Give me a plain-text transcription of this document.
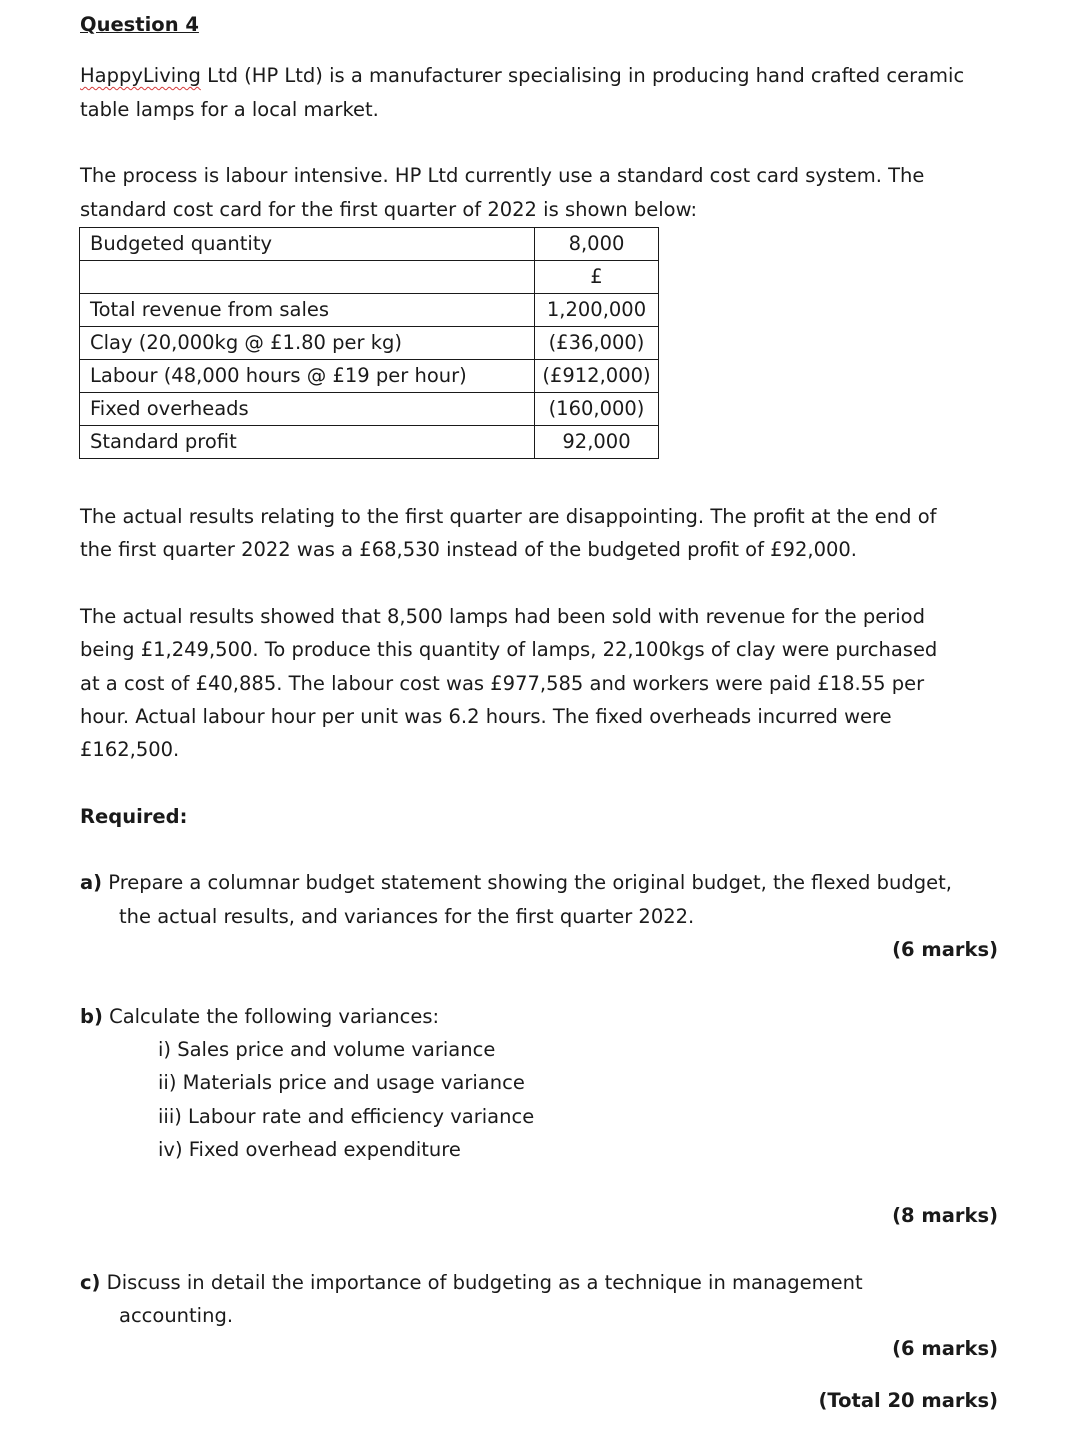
Question 4
HappyLiving Ltd (HP Ltd) is a manufacturer specialising in producing hand crafted ceramic
table lamps for a local market.
The process is labour intensive. HP Ltd currently use a standard cost card system. The
standard cost card for the first quarter of 2022 is shown below:
Budgeted quantity	8,000
	£
Total revenue from sales	1,200,000
Clay (20,000kg @ £1.80 per kg)	(£36,000)
Labour (48,000 hours @ £19 per hour)	(£912,000)
Fixed overheads	(160,000)
Standard profit	92,000
The actual results relating to the first quarter are disappointing. The profit at the end of
the first quarter 2022 was a £68,530 instead of the budgeted profit of £92,000.
The actual results showed that 8,500 lamps had been sold with revenue for the period
being £1,249,500. To produce this quantity of lamps, 22,100kgs of clay were purchased
at a cost of £40,885. The labour cost was £977,585 and workers were paid £18.55 per
hour. Actual labour hour per unit was 6.2 hours. The fixed overheads incurred were
£162,500.
Required:
a) Prepare a columnar budget statement showing the original budget, the flexed budget,
the actual results, and variances for the first quarter 2022.
(6 marks)
b) Calculate the following variances:
i) Sales price and volume variance
ii) Materials price and usage variance
iii) Labour rate and efficiency variance
iv) Fixed overhead expenditure
(8 marks)
c) Discuss in detail the importance of budgeting as a technique in management
accounting.
(6 marks)
(Total 20 marks)
